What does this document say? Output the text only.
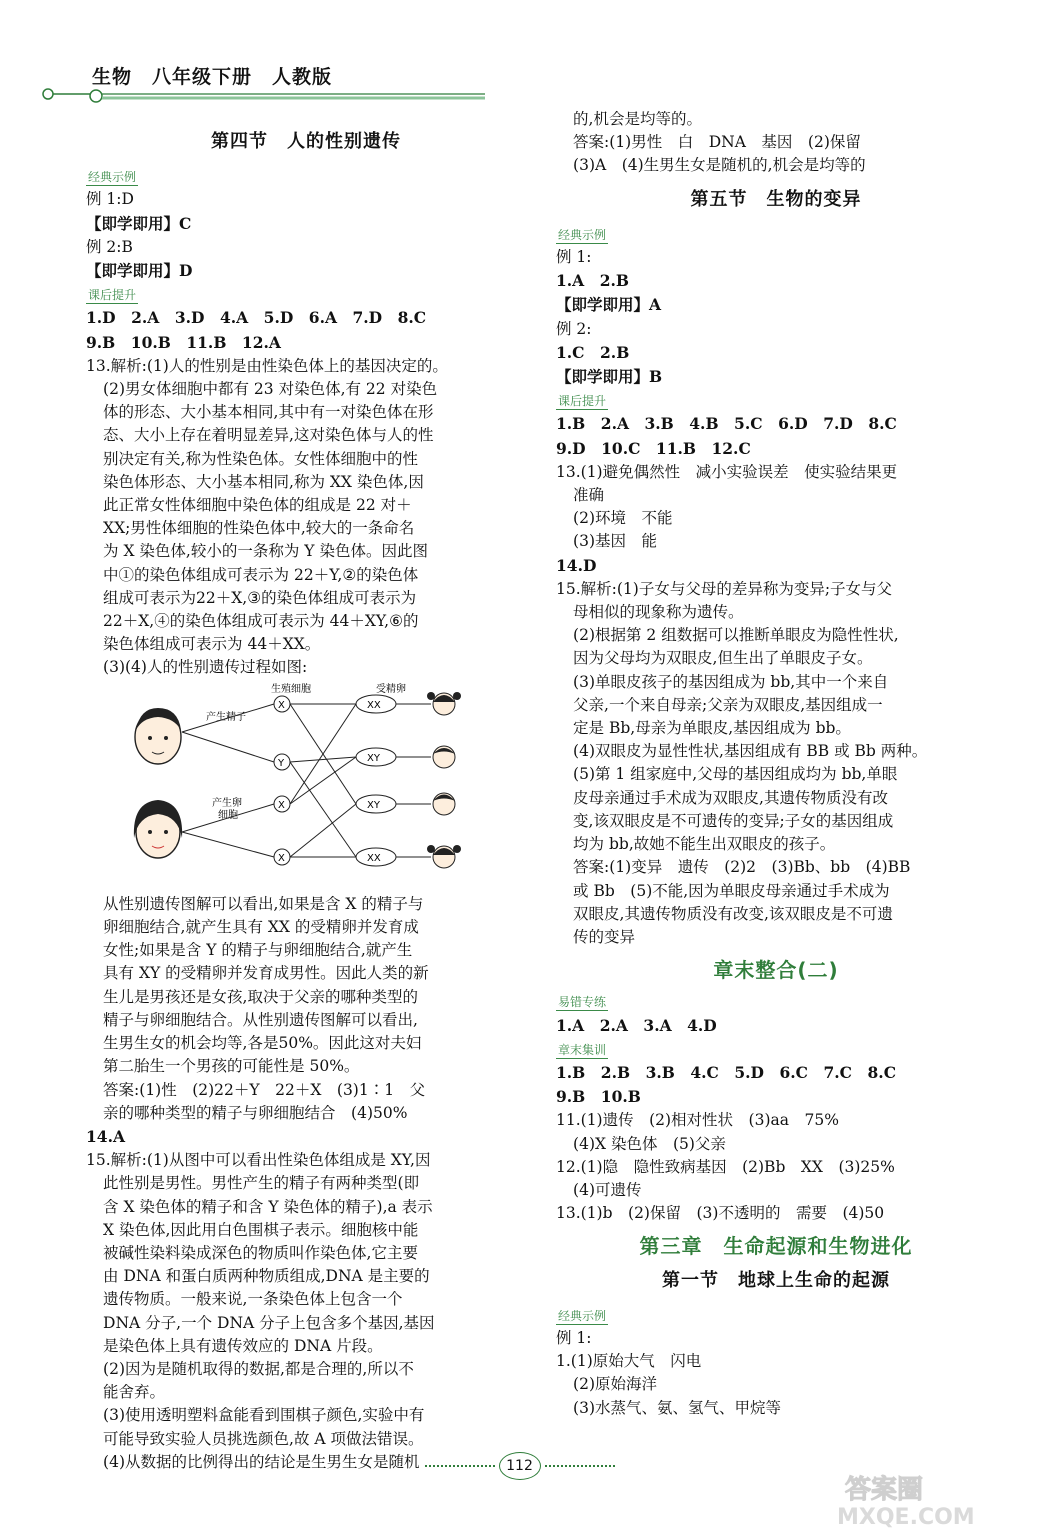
生物　八年级下册　人教版
第四节　人的性别遗传
经典示例
例 1:D
【即学即用】C
例 2:B
【即学即用】D
课后提升
1.D　2.A　3.D　4.A　5.D　6.A　7.D　8.C
9.B　10.B　11.B　12.A
13.解析:(1)人的性别是由性染色体上的基因决定的。
(2)男女体细胞中都有 23 对染色体,有 22 对染色
体的形态、大小基本相同,其中有一对染色体在形
态、大小上存在着明显差异,这对染色体与人的性
别决定有关,称为性染色体。女性体细胞中的性
染色体形态、大小基本相同,称为 XX 染色体,因
此正常女性体细胞中染色体的组成是 22 对＋
XX;男性体细胞的性染色体中,较大的一条命名
为 X 染色体,较小的一条称为 Y 染色体。因此图
中①的染色体组成可表示为 22＋Y,②的染色体
组成可表示为22＋X,③的染色体组成可表示为
22＋X,④的染色体组成可表示为 44＋XY,⑥的
染色体组成可表示为 44＋XX。
(3)(4)人的性别遗传过程如图:
生殖细胞	受精卵
产生精子
产生卵
细胞
X
Y
X
X
XX
XY
XY
XX
从性别遗传图解可以看出,如果是含 X 的精子与
卵细胞结合,就产生具有 XX 的受精卵并发育成
女性;如果是含 Y 的精子与卵细胞结合,就产生
具有 XY 的受精卵并发育成男性。因此人类的新
生儿是男孩还是女孩,取决于父亲的哪种类型的
精子与卵细胞结合。从性别遗传图解可以看出,
生男生女的机会均等,各是50%。因此这对夫妇
第二胎生一个男孩的可能性是 50%。
答案:(1)性　(2)22＋Y　22＋X　(3)1∶1　父
亲的哪种类型的精子与卵细胞结合　(4)50%
14.A
15.解析:(1)从图中可以看出性染色体组成是 XY,因
此性别是男性。男性产生的精子有两种类型(即
含 X 染色体的精子和含 Y 染色体的精子),a 表示
X 染色体,因此用白色围棋子表示。细胞核中能
被碱性染料染成深色的物质叫作染色体,它主要
由 DNA 和蛋白质两种物质组成,DNA 是主要的
遗传物质。一般来说,一条染色体上包含一个
DNA 分子,一个 DNA 分子上包含多个基因,基因
是染色体上具有遗传效应的 DNA 片段。
(2)因为是随机取得的数据,都是合理的,所以不
能舍弃。
(3)使用透明塑料盒能看到围棋子颜色,实验中有
可能导致实验人员挑选颜色,故 A 项做法错误。
(4)从数据的比例得出的结论是生男生女是随机
的,机会是均等的。
答案:(1)男性　白　DNA　基因　(2)保留
(3)A　(4)生男生女是随机的,机会是均等的
第五节　生物的变异
经典示例
例 1:
1.A　2.B
【即学即用】A
例 2:
1.C　2.B
【即学即用】B
课后提升
1.B　2.A　3.B　4.B　5.C　6.D　7.D　8.C
9.D　10.C　11.B　12.C
13.(1)避免偶然性　减小实验误差　使实验结果更
准确
(2)环境　不能
(3)基因　能
14.D
15.解析:(1)子女与父母的差异称为变异;子女与父
母相似的现象称为遗传。
(2)根据第 2 组数据可以推断单眼皮为隐性性状,
因为父母均为双眼皮,但生出了单眼皮子女。
(3)单眼皮孩子的基因组成为 bb,其中一个来自
父亲,一个来自母亲;父亲为双眼皮,基因组成一
定是 Bb,母亲为单眼皮,基因组成为 bb。
(4)双眼皮为显性性状,基因组成有 BB 或 Bb 两种。
(5)第 1 组家庭中,父母的基因组成均为 bb,单眼
皮母亲通过手术成为双眼皮,其遗传物质没有改
变,该双眼皮是不可遗传的变异;子女的基因组成
均为 bb,故她不能生出双眼皮的孩子。
答案:(1)变异　遗传　(2)2　(3)Bb、bb　(4)BB
或 Bb　(5)不能,因为单眼皮母亲通过手术成为
双眼皮,其遗传物质没有改变,该双眼皮是不可遗
传的变异
章末整合(二)
易错专练
1.A　2.A　3.A　4.D
章末集训
1.B　2.B　3.B　4.C　5.D　6.C　7.C　8.C
9.B　10.B
11.(1)遗传　(2)相对性状　(3)aa　75%
(4)X 染色体　(5)父亲
12.(1)隐　隐性致病基因　(2)Bb　XX　(3)25%
(4)可遗传
13.(1)b　(2)保留　(3)不透明的　需要　(4)50
第三章　生命起源和生物进化
第一节　地球上生命的起源
经典示例
例 1:
1.(1)原始大气　闪电
(2)原始海洋
(3)水蒸气、氨、氢气、甲烷等
112
答案圈
MXQE.COM
